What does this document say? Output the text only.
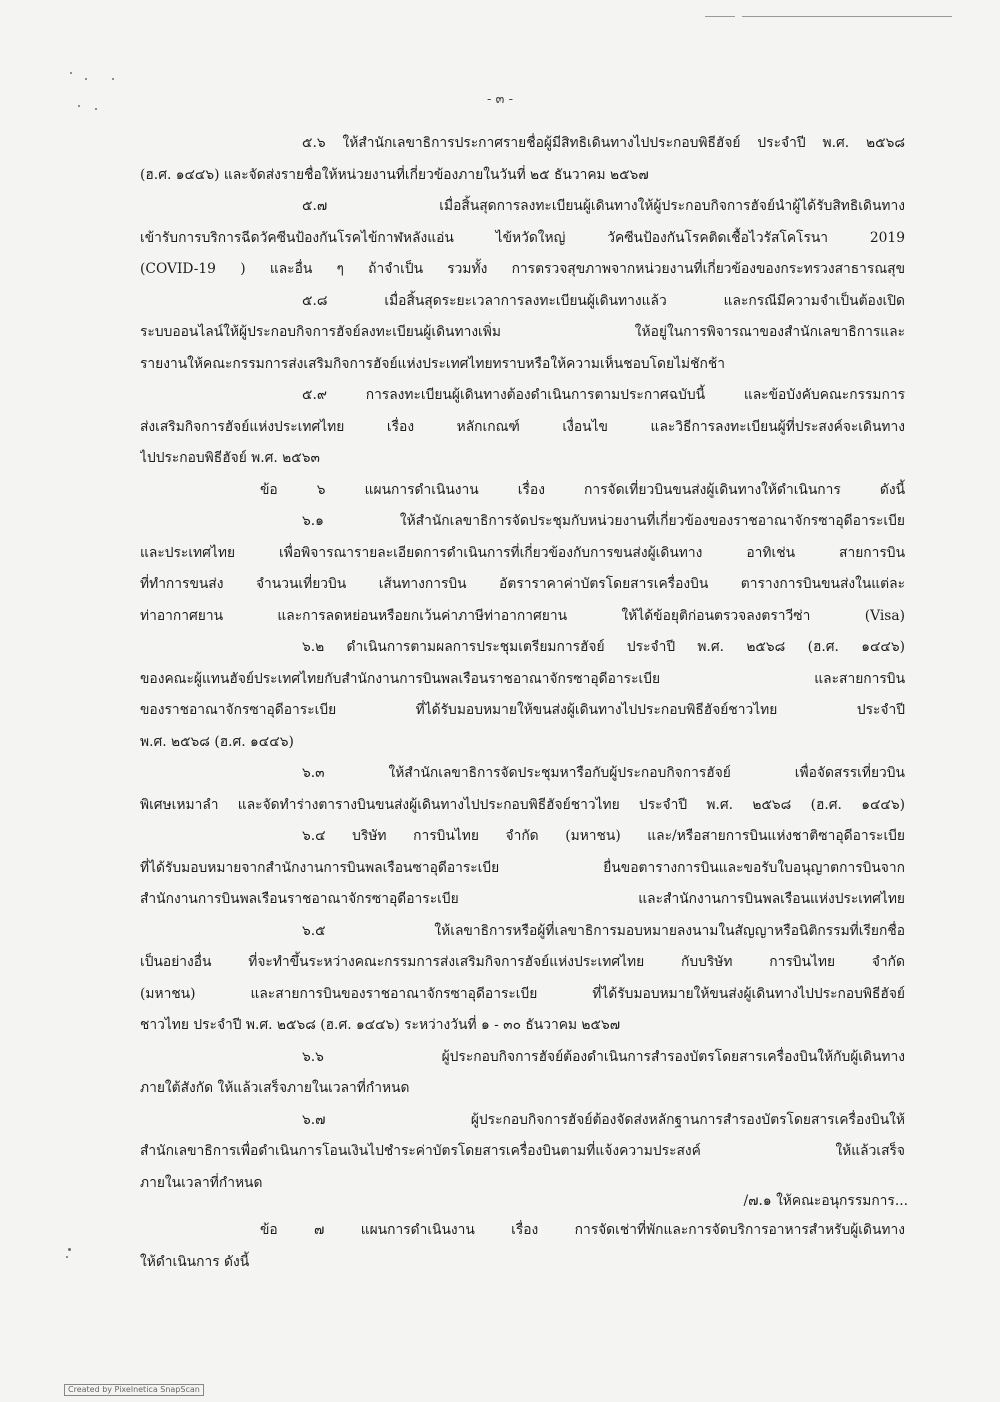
- ๓ -
๕.๖ ให้สำนักเลขาธิการประกาศรายชื่อผู้มีสิทธิเดินทางไปประกอบพิธีฮัจย์ ประจำปี พ.ศ. ๒๕๖๘
(ฮ.ศ. ๑๔๔๖) และจัดส่งรายชื่อให้หน่วยงานที่เกี่ยวข้องภายในวันที่ ๒๕ ธันวาคม ๒๕๖๗
๕.๗ เมื่อสิ้นสุดการลงทะเบียนผู้เดินทางให้ผู้ประกอบกิจการฮัจย์นำผู้ได้รับสิทธิเดินทาง
เข้ารับการบริการฉีดวัคซีนป้องกันโรคไข้กาฬหลังแอ่น ไข้หวัดใหญ่ วัคซีนป้องกันโรคติดเชื้อไวรัสโคโรนา 2019
(COVID-19 ) และอื่น ๆ ถ้าจำเป็น รวมทั้ง การตรวจสุขภาพจากหน่วยงานที่เกี่ยวข้องของกระทรวงสาธารณสุข
๕.๘ เมื่อสิ้นสุดระยะเวลาการลงทะเบียนผู้เดินทางแล้ว และกรณีมีความจำเป็นต้องเปิด
ระบบออนไลน์ให้ผู้ประกอบกิจการฮัจย์ลงทะเบียนผู้เดินทางเพิ่ม ให้อยู่ในการพิจารณาของสำนักเลขาธิการและ
รายงานให้คณะกรรมการส่งเสริมกิจการฮัจย์แห่งประเทศไทยทราบหรือให้ความเห็นชอบโดยไม่ชักช้า
๕.๙ การลงทะเบียนผู้เดินทางต้องดำเนินการตามประกาศฉบับนี้ และข้อบังคับคณะกรรมการ
ส่งเสริมกิจการฮัจย์แห่งประเทศไทย เรื่อง หลักเกณฑ์ เงื่อนไข และวิธีการลงทะเบียนผู้ที่ประสงค์จะเดินทาง
ไปประกอบพิธีฮัจย์ พ.ศ. ๒๕๖๓
ข้อ ๖ แผนการดำเนินงาน เรื่อง การจัดเที่ยวบินขนส่งผู้เดินทางให้ดำเนินการ ดังนี้
๖.๑ ให้สำนักเลขาธิการจัดประชุมกับหน่วยงานที่เกี่ยวข้องของราชอาณาจักรซาอุดีอาระเบีย
และประเทศไทย เพื่อพิจารณารายละเอียดการดำเนินการที่เกี่ยวข้องกับการขนส่งผู้เดินทาง อาทิเช่น สายการบิน
ที่ทำการขนส่ง จำนวนเที่ยวบิน เส้นทางการบิน อัตราราคาค่าบัตรโดยสารเครื่องบิน ตารางการบินขนส่งในแต่ละ
ท่าอากาศยาน และการลดหย่อนหรือยกเว้นค่าภาษีท่าอากาศยาน ให้ได้ข้อยุติก่อนตรวจลงตราวีซ่า (Visa)
๖.๒ ดำเนินการตามผลการประชุมเตรียมการฮัจย์ ประจำปี พ.ศ. ๒๕๖๘ (ฮ.ศ. ๑๔๔๖)
ของคณะผู้แทนฮัจย์ประเทศไทยกับสำนักงานการบินพลเรือนราชอาณาจักรซาอุดีอาระเบีย และสายการบิน
ของราชอาณาจักรซาอุดีอาระเบีย ที่ได้รับมอบหมายให้ขนส่งผู้เดินทางไปประกอบพิธีฮัจย์ชาวไทย ประจำปี
พ.ศ. ๒๕๖๘ (ฮ.ศ. ๑๔๔๖)
๖.๓ ให้สำนักเลขาธิการจัดประชุมหารือกับผู้ประกอบกิจการฮัจย์ เพื่อจัดสรรเที่ยวบิน
พิเศษเหมาลำ และจัดทำร่างตารางบินขนส่งผู้เดินทางไปประกอบพิธีฮัจย์ชาวไทย ประจำปี พ.ศ. ๒๕๖๘ (ฮ.ศ. ๑๔๔๖)
๖.๔ บริษัท การบินไทย จำกัด (มหาชน) และ/หรือสายการบินแห่งชาติซาอุดีอาระเบีย
ที่ได้รับมอบหมายจากสำนักงานการบินพลเรือนซาอุดีอาระเบีย ยื่นขอตารางการบินและขอรับใบอนุญาตการบินจาก
สำนักงานการบินพลเรือนราชอาณาจักรซาอุดีอาระเบีย และสำนักงานการบินพลเรือนแห่งประเทศไทย
๖.๕ ให้เลขาธิการหรือผู้ที่เลขาธิการมอบหมายลงนามในสัญญาหรือนิติกรรมที่เรียกชื่อ
เป็นอย่างอื่น ที่จะทำขึ้นระหว่างคณะกรรมการส่งเสริมกิจการฮัจย์แห่งประเทศไทย กับบริษัท การบินไทย จำกัด
(มหาชน) และสายการบินของราชอาณาจักรซาอุดีอาระเบีย ที่ได้รับมอบหมายให้ขนส่งผู้เดินทางไปประกอบพิธีฮัจย์
ชาวไทย ประจำปี พ.ศ. ๒๕๖๘ (ฮ.ศ. ๑๔๔๖) ระหว่างวันที่ ๑ - ๓๐ ธันวาคม ๒๕๖๗
๖.๖ ผู้ประกอบกิจการฮัจย์ต้องดำเนินการสำรองบัตรโดยสารเครื่องบินให้กับผู้เดินทาง
ภายใต้สังกัด ให้แล้วเสร็จภายในเวลาที่กำหนด
๖.๗ ผู้ประกอบกิจการฮัจย์ต้องจัดส่งหลักฐานการสำรองบัตรโดยสารเครื่องบินให้
สำนักเลขาธิการเพื่อดำเนินการโอนเงินไปชำระค่าบัตรโดยสารเครื่องบินตามที่แจ้งความประสงค์ ให้แล้วเสร็จ
ภายในเวลาที่กำหนด
ข้อ ๗ แผนการดำเนินงาน เรื่อง การจัดเช่าที่พักและการจัดบริการอาหารสำหรับผู้เดินทาง
ให้ดำเนินการ ดังนี้
/๗.๑ ให้คณะอนุกรรมการ...
Created by Pixelnetica SnapScan
